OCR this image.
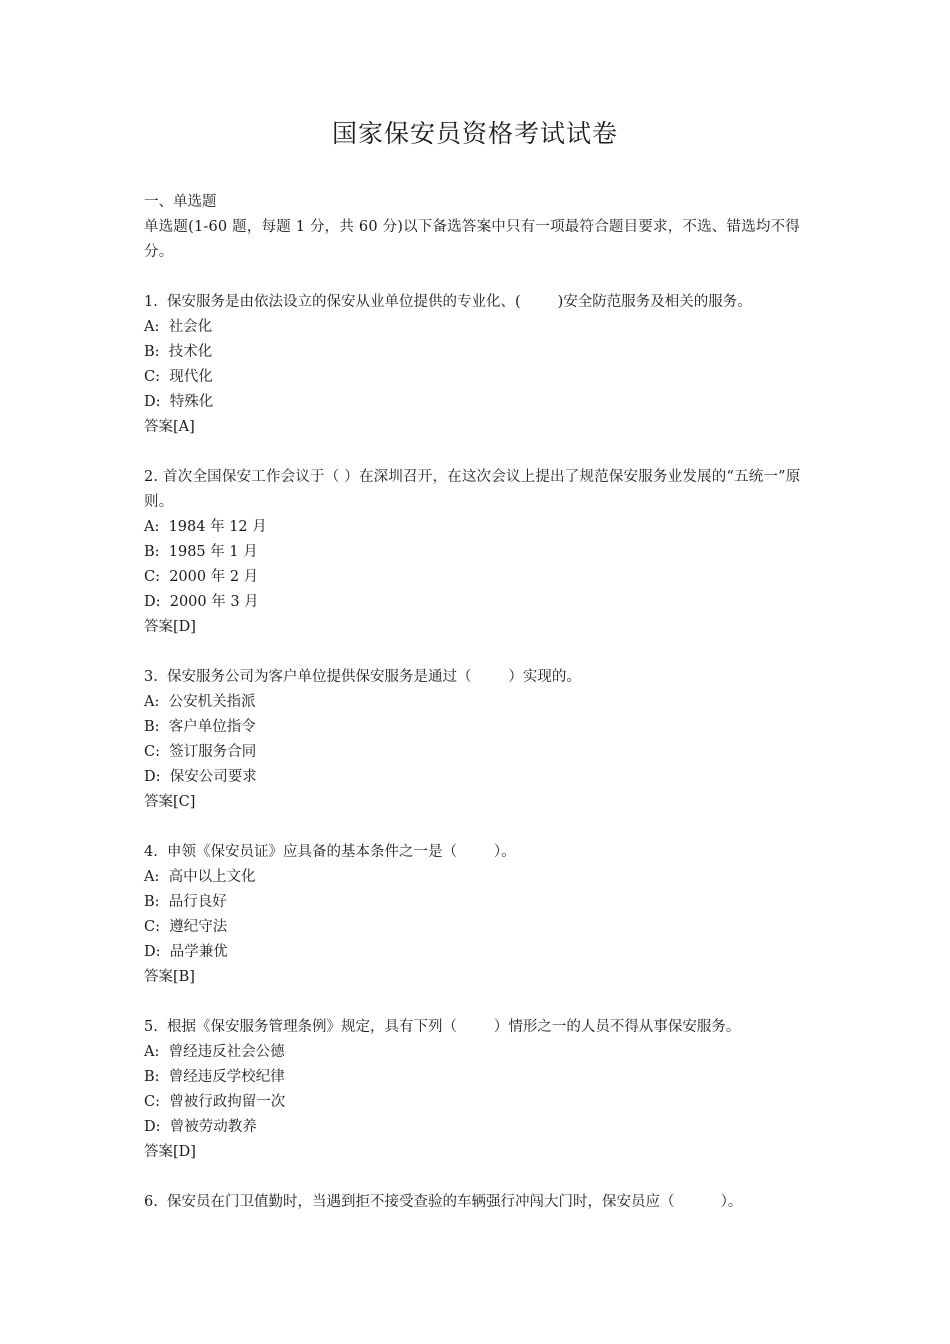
国家保安员资格考试试卷
一、单选题
单选题(1-60 题，每题 1 分，共 60 分)以下备选答案中只有一项最符合题目要求，不选、错选均不得分。
1.  保安服务是由依法设立的保安从业单位提供的专业化、(        )安全防范服务及相关的服务。
A:  社会化
B:  技术化
C:  现代化
D:  特殊化
答案[A]
2. 首次全国保安工作会议于（ ）在深圳召开，在这次会议上提出了规范保安服务业发展的“五统一”原则。
A:  1984 年 12 月
B:  1985 年 1 月
C:  2000 年 2 月
D:  2000 年 3 月
答案[D]
3.  保安服务公司为客户单位提供保安服务是通过（        ）实现的。
A:  公安机关指派
B:  客户单位指令
C:  签订服务合同
D:  保安公司要求
答案[C]
4.  申领《保安员证》应具备的基本条件之一是（        ）。
A:  高中以上文化
B:  品行良好
C:  遵纪守法
D:  品学兼优
答案[B]
5.  根据《保安服务管理条例》规定，具有下列（        ）情形之一的人员不得从事保安服务。
A:  曾经违反社会公德
B:  曾经违反学校纪律
C:  曾被行政拘留一次
D:  曾被劳动教养
答案[D]
6.  保安员在门卫值勤时，当遇到拒不接受查验的车辆强行冲闯大门时，保安员应（          ）。
